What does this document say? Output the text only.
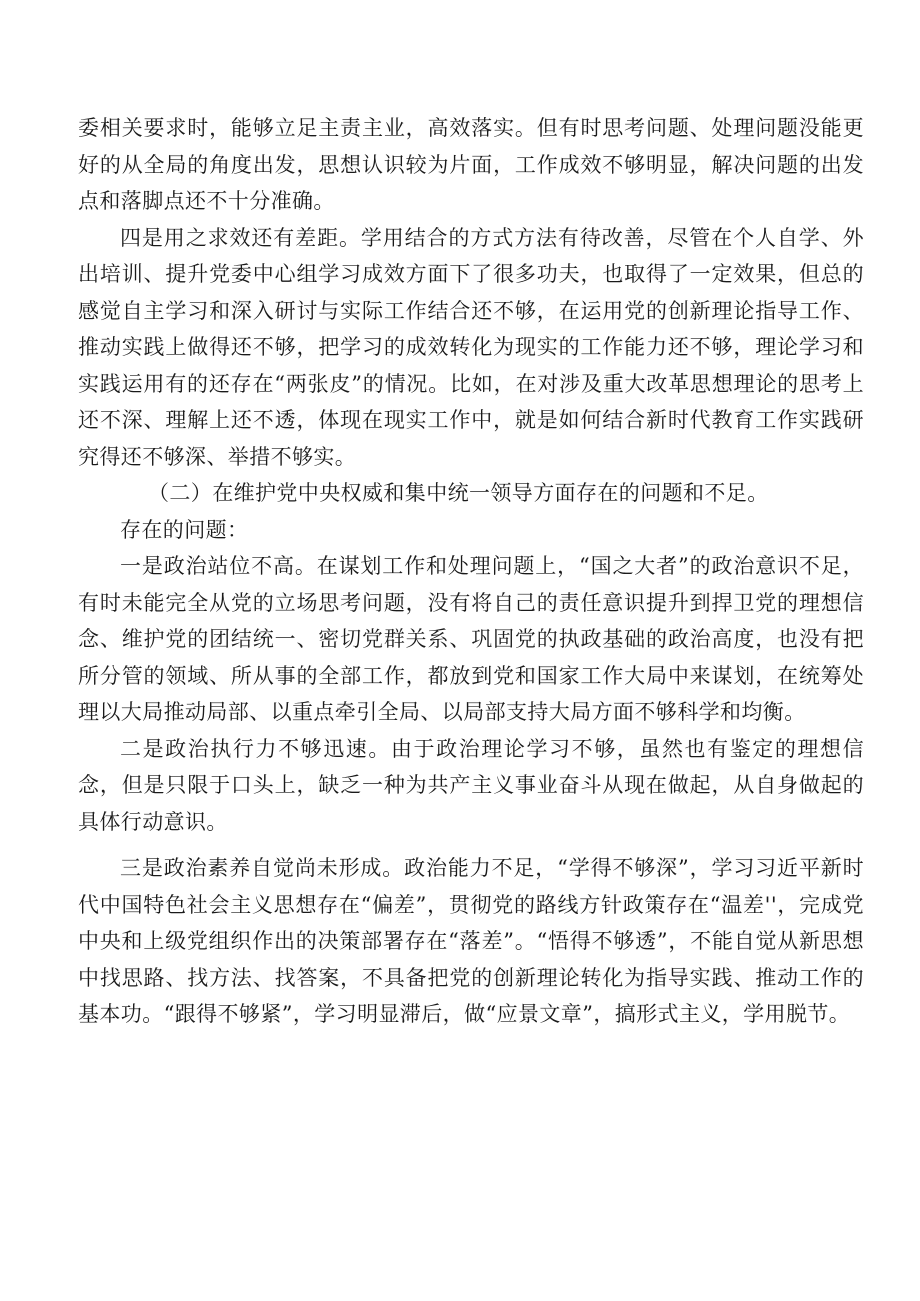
委相关要求时，能够立足主责主业，高效落实。但有时思考问题、处理问题没能更好的从全局的角度出发，思想认识较为片面，工作成效不够明显，解决问题的出发点和落脚点还不十分准确。

四是用之求效还有差距。学用结合的方式方法有待改善，尽管在个人自学、外出培训、提升党委中心组学习成效方面下了很多功夫，也取得了一定效果，但总的感觉自主学习和深入研讨与实际工作结合还不够，在运用党的创新理论指导工作、推动实践上做得还不够，把学习的成效转化为现实的工作能力还不够，理论学习和实践运用有的还存在“两张皮”的情况。比如，在对涉及重大改革思想理论的思考上还不深、理解上还不透，体现在现实工作中，就是如何结合新时代教育工作实践研究得还不够深、举措不够实。

（二）在维护党中央权威和集中统一领导方面存在的问题和不足。

存在的问题：

一是政治站位不高。在谋划工作和处理问题上，“国之大者”的政治意识不足，有时未能完全从党的立场思考问题，没有将自己的责任意识提升到捍卫党的理想信念、维护党的团结统一、密切党群关系、巩固党的执政基础的政治高度，也没有把所分管的领域、所从事的全部工作，都放到党和国家工作大局中来谋划，在统筹处理以大局推动局部、以重点牵引全局、以局部支持大局方面不够科学和均衡。

二是政治执行力不够迅速。由于政治理论学习不够，虽然也有鉴定的理想信念，但是只限于口头上，缺乏一种为共产主义事业奋斗从现在做起，从自身做起的具体行动意识。

三是政治素养自觉尚未形成。政治能力不足，“学得不够深”，学习习近平新时代中国特色社会主义思想存在“偏差”，贯彻党的路线方针政策存在“温差''，完成党中央和上级党组织作出的决策部署存在“落差”。“悟得不够透”，不能自觉从新思想中找思路、找方法、找答案，不具备把党的创新理论转化为指导实践、推动工作的基本功。“跟得不够紧”，学习明显滞后，做“应景文章”，搞形式主义，学用脱节。
